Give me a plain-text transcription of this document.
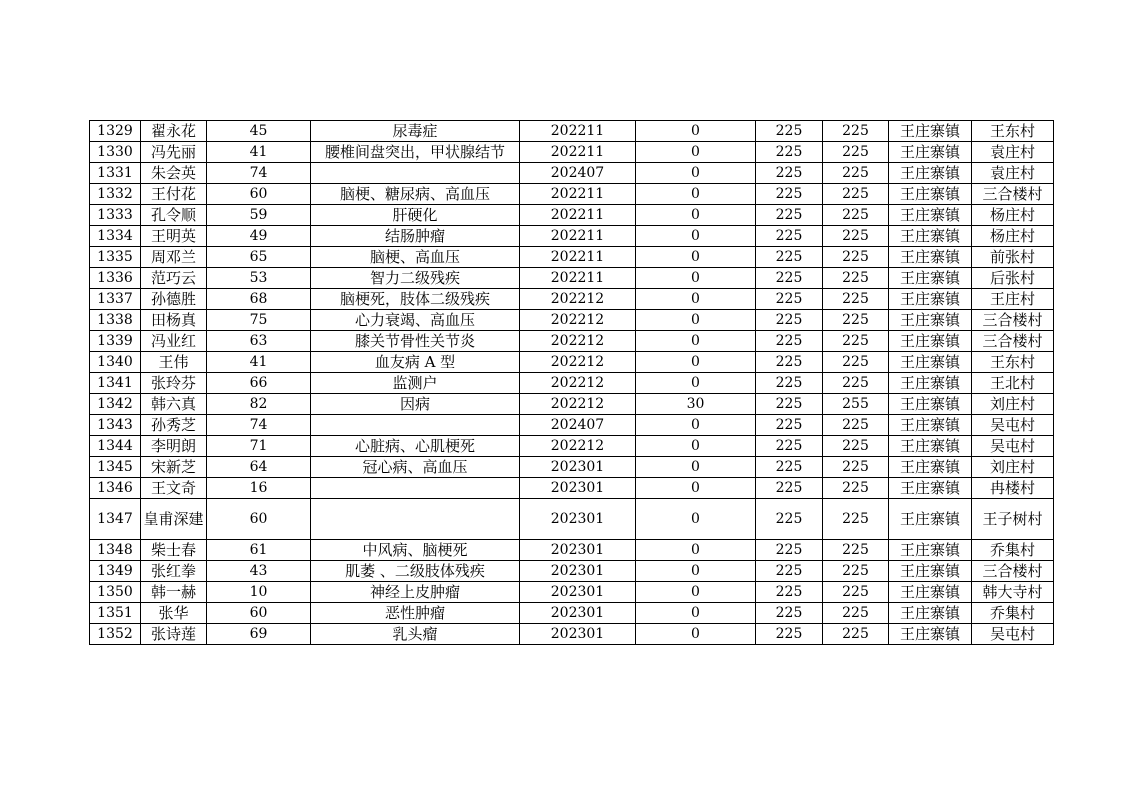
1329	翟永花	45	尿毒症	202211	0	225	225	王庄寨镇	王东村
1330	冯先丽	41	腰椎间盘突出，甲状腺结节	202211	0	225	225	王庄寨镇	袁庄村
1331	朱会英	74		202407	0	225	225	王庄寨镇	袁庄村
1332	王付花	60	脑梗、糖尿病、高血压	202211	0	225	225	王庄寨镇	三合楼村
1333	孔令顺	59	肝硬化	202211	0	225	225	王庄寨镇	杨庄村
1334	王明英	49	结肠肿瘤	202211	0	225	225	王庄寨镇	杨庄村
1335	周邓兰	65	脑梗、高血压	202211	0	225	225	王庄寨镇	前张村
1336	范巧云	53	智力二级残疾	202211	0	225	225	王庄寨镇	后张村
1337	孙德胜	68	脑梗死，肢体二级残疾	202212	0	225	225	王庄寨镇	王庄村
1338	田杨真	75	心力衰竭、高血压	202212	0	225	225	王庄寨镇	三合楼村
1339	冯业红	63	膝关节骨性关节炎	202212	0	225	225	王庄寨镇	三合楼村
1340	王伟	41	血友病 A 型	202212	0	225	225	王庄寨镇	王东村
1341	张玲芬	66	监测户	202212	0	225	225	王庄寨镇	王北村
1342	韩六真	82	因病	202212	30	225	255	王庄寨镇	刘庄村
1343	孙秀芝	74		202407	0	225	225	王庄寨镇	吴屯村
1344	李明朗	71	心脏病、心肌梗死	202212	0	225	225	王庄寨镇	吴屯村
1345	宋新芝	64	冠心病、高血压	202301	0	225	225	王庄寨镇	刘庄村
1346	王文奇	16		202301	0	225	225	王庄寨镇	冉楼村
1347	皇甫深建	60		202301	0	225	225	王庄寨镇	王子树村
1348	柴士春	61	中风病、脑梗死	202301	0	225	225	王庄寨镇	乔集村
1349	张红拳	43	肌萎 、二级肢体残疾	202301	0	225	225	王庄寨镇	三合楼村
1350	韩一赫	10	神经上皮肿瘤	202301	0	225	225	王庄寨镇	韩大寺村
1351	张华	60	恶性肿瘤	202301	0	225	225	王庄寨镇	乔集村
1352	张诗莲	69	乳头瘤	202301	0	225	225	王庄寨镇	吴屯村
